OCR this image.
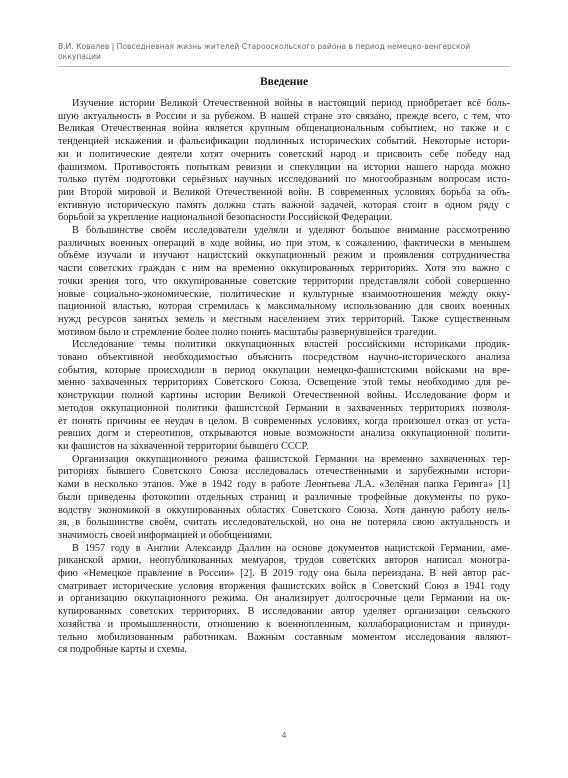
В.И. Ковалев | Повседневная жизнь жителей Старооскольского района в период немецко-венгерской
оккупации
Введение
Изучение истории Великой Отечественной войны в настоящий период приобретает всё боль-
шую актуальность в России и за рубежом. В нашей стране это связано, прежде всего, с тем, что
Великая Отечественная война является крупным общенациональным событием, но также и с
тенденцией искажения и фальсификации подлинных исторических событий. Некоторые истори-
ки и политические деятели хотят очернить советский народ и присвоить себе победу над
фашизмом. Противостоять попыткам ревизии и спекуляции на истории нашего народа можно
только путём подготовки серьёзных научных исследований по многообразным вопросам исто-
рии Второй мировой и Великой Отечественной войн. В современных условиях борьба за объ-
ективную историческую память должна стать важной задачей, которая стоит в одном ряду с
борьбой за укрепление национальной безопасности Российской Федерации.
В большинстве своём исследователи уделяли и уделяют большое внимание рассмотрению
различных военных операций в ходе войны, но при этом, к сожалению, фактически в меньшем
объёме изучали и изучают нацистский оккупационный режим и проявления сотрудничества
части советских граждан с ним на временно оккупированных территориях. Хотя это важно с
точки зрения того, что оккупированные советские территории представляли собой совершенно
новые социально-экономические, политические и культурные взаимоотношения между окку-
пационной властью, которая стремилась к максимальному использованию для своих военных
нужд ресурсов занятых земель и местным населением этих территорий. Также существенным
мотивом было и стремление более полно понять масштабы развернувшейся трагедии.
Исследование темы политики оккупационных властей российскими историками продик-
товано объективной необходимостью объяснить посредством научно-исторического анализа
события, которые происходили в период оккупации немецко-фашистскими войсками на вре-
менно захваченных территориях Советского Союза. Освещение этой темы необходимо для ре-
конструкции полной картины истории Великой Отечественной войны. Исследование форм и
методов оккупационной политики фашистской Германии в захваченных территориях позволя-
ет понять причины ее неудач в целом. В современных условиях, когда произошел отказ от уста-
ревших догм и стереотипов, открываются новые возможности анализа оккупационной полити-
ки фашистов на захваченной территории бывшего СССР.
Организация оккупационного режима фашистской Германии на временно захваченных тер-
риториях бывшего Советского Союза исследовалась отечественными и зарубежными истори-
ками в несколько этапов. Уже в 1942 году в работе Леонтьева Л.А. «Зелёная папка Геринга» [1]
были приведены фотокопии отдельных страниц и различные трофейные документы по руко-
водству экономикой в оккупированных областях Советского Союза. Хотя данную работу нель-
зя, в большинстве своём, считать исследовательской, но она не потеряла свою актуальность и
значимость своей информацией и обобщениями.
В 1957 году в Англии Александр Даллин на основе документов нацистской Германии, аме-
риканской армии, неопубликованных мемуаров, трудов советских авторов написал моногра-
фию «Немецкое правление в России» [2]. В 2019 году она была переиздана. В ней автор рас-
сматривает исторические условия вторжения фашистских войск в Советский Союз в 1941 году
и организацию оккупационного режима. Он анализирует долгосрочные цели Германии на ок-
купированных советских территориях. В исследовании автор уделяет организации сельского
хозяйства и промышленности, отношению к военнопленным, коллаборационистам и принуди-
тельно мобилизованным работникам. Важным составным моментом исследования являют-
ся подробные карты и схемы.
4
